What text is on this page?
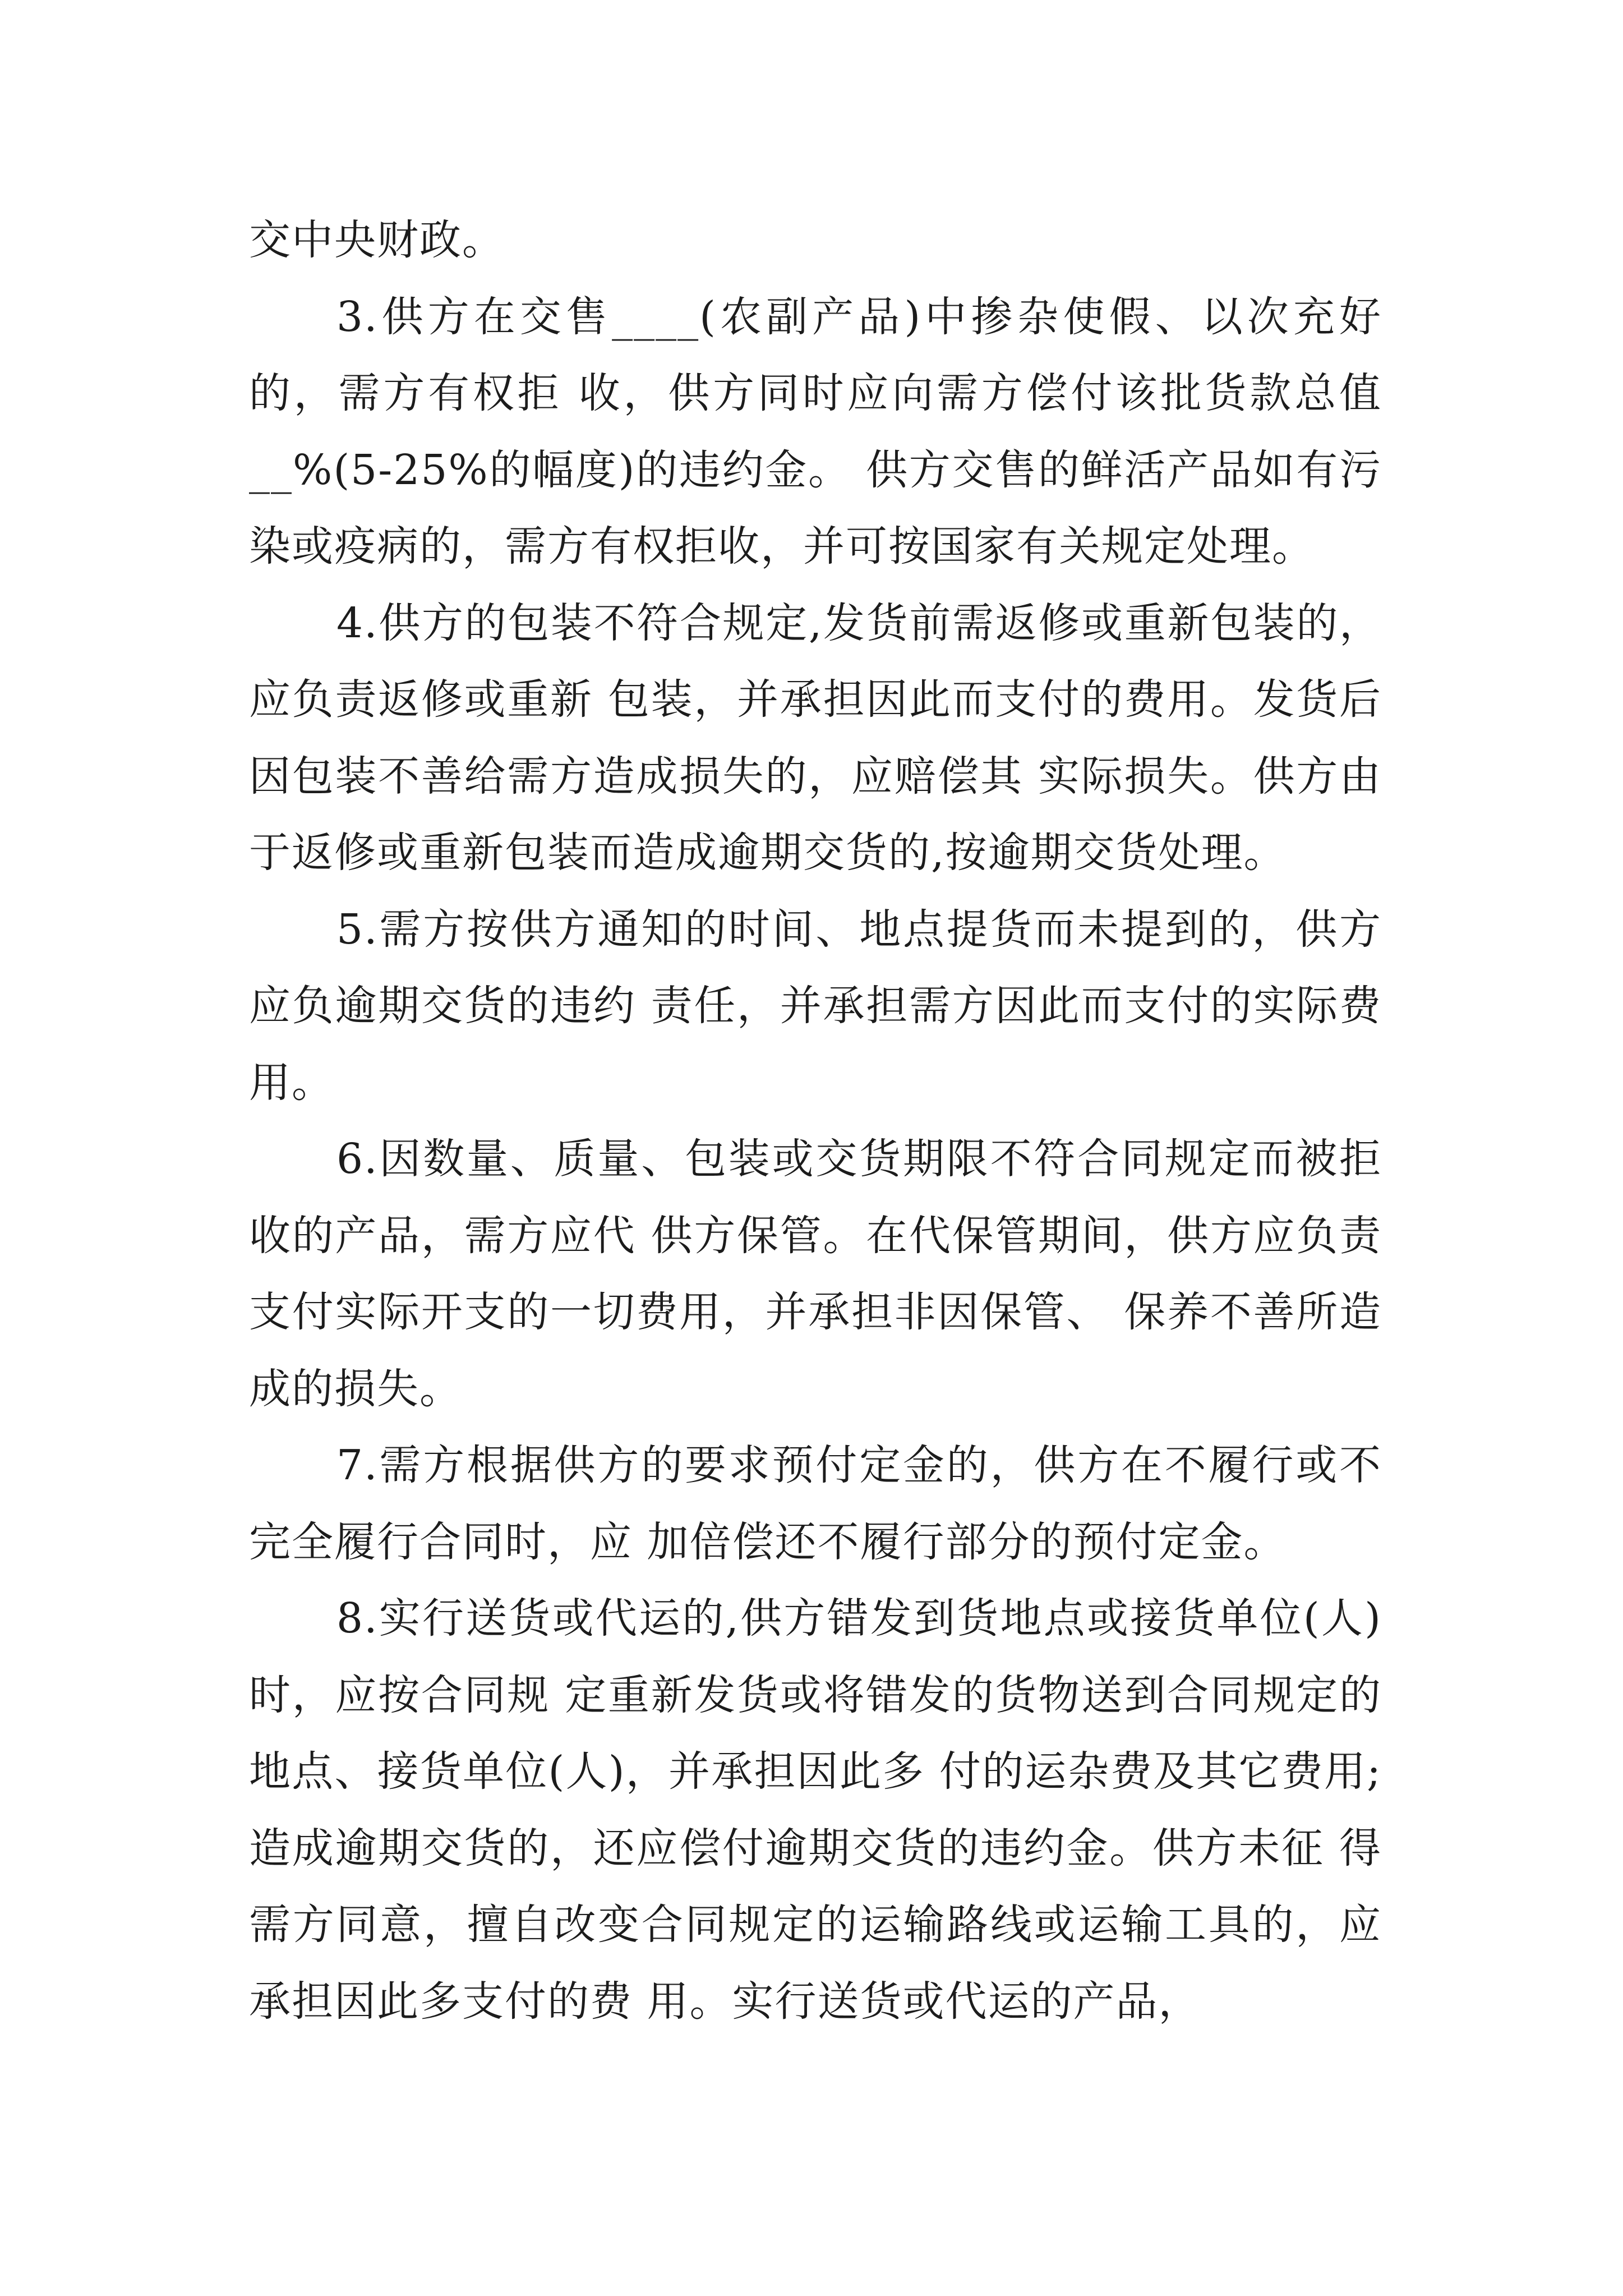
交中央财政。

3.供方在交售____(农副产品)中掺杂使假、以次充好的，需方有权拒 收，供方同时应向需方偿付该批货款总值__%(5-25%的幅度)的违约金。 供方交售的鲜活产品如有污染或疫病的，需方有权拒收，并可按国家有关规定处理。

4.供方的包装不符合规定,发货前需返修或重新包装的，应负责返修或重新 包装，并承担因此而支付的费用。发货后因包装不善给需方造成损失的，应赔偿其 实际损失。供方由于返修或重新包装而造成逾期交货的,按逾期交货处理。

5.需方按供方通知的时间、地点提货而未提到的，供方应负逾期交货的违约 责任，并承担需方因此而支付的实际费用。

6.因数量、质量、包装或交货期限不符合同规定而被拒收的产品，需方应代 供方保管。在代保管期间，供方应负责支付实际开支的一切费用，并承担非因保管、 保养不善所造成的损失。

7.需方根据供方的要求预付定金的，供方在不履行或不完全履行合同时，应 加倍偿还不履行部分的预付定金。

8.实行送货或代运的,供方错发到货地点或接货单位(人)时，应按合同规 定重新发货或将错发的货物送到合同规定的地点、接货单位(人)，并承担因此多 付的运杂费及其它费用;造成逾期交货的，还应偿付逾期交货的违约金。供方未征 得需方同意，擅自改变合同规定的运输路线或运输工具的，应承担因此多支付的费 用。实行送货或代运的产品，
